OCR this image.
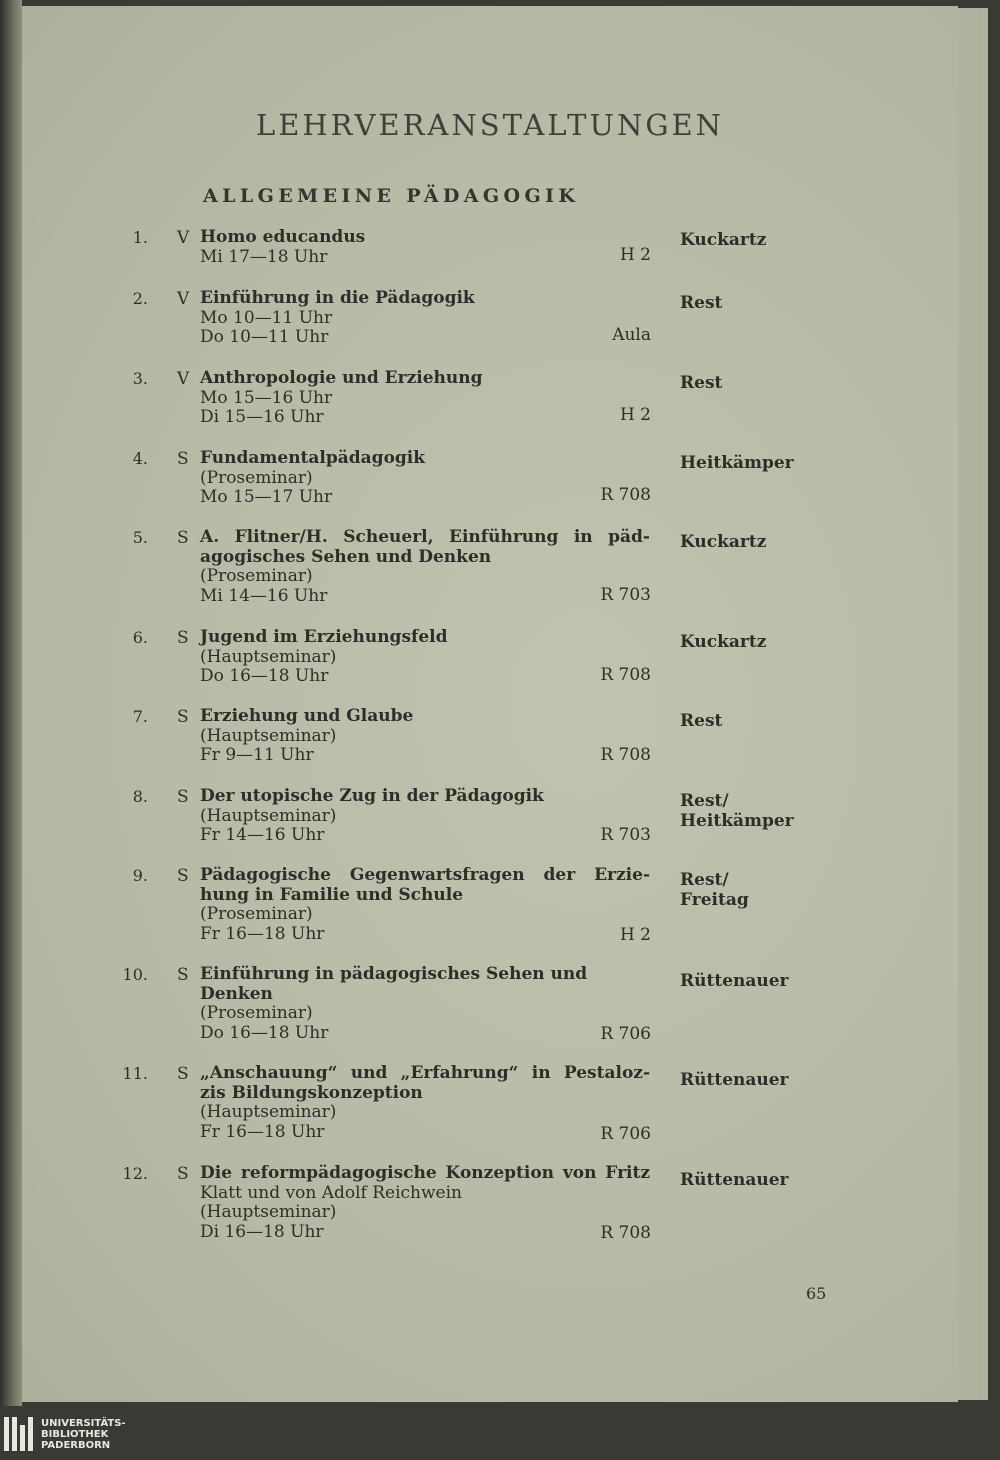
LEHRVERANSTALTUNGEN
ALLGEMEINE PÄDAGOGIK
1. V Homo educandus
Mi 17—18 Uhr	H 2
Kuckartz
2. V Einführung in die Pädagogik
Mo 10—11 Uhr
Do 10—11 Uhr	Aula
Rest
3. V Anthropologie und Erziehung
Mo 15—16 Uhr
Di 15—16 Uhr	H 2
Rest
4. S Fundamentalpädagogik
(Proseminar)
Mo 15—17 Uhr	R 708
Heitkämper
5. S A. Flitner/H. Scheuerl, Einführung in päd-
agogisches Sehen und Denken
(Proseminar)
Mi 14—16 Uhr	R 703
Kuckartz
6. S Jugend im Erziehungsfeld
(Hauptseminar)
Do 16—18 Uhr	R 708
Kuckartz
7. S Erziehung und Glaube
(Hauptseminar)
Fr 9—11 Uhr	R 708
Rest
8. S Der utopische Zug in der Pädagogik
(Hauptseminar)
Fr 14—16 Uhr	R 703
Rest/
Heitkämper
9. S Pädagogische Gegenwartsfragen der Erzie-
hung in Familie und Schule
(Proseminar)
Fr 16—18 Uhr	H 2
Rest/
Freitag
10. S Einführung in pädagogisches Sehen und
Denken
(Proseminar)
Do 16—18 Uhr	R 706
Rüttenauer
11. S „Anschauung“ und „Erfahrung“ in Pestaloz-
zis Bildungskonzeption
(Hauptseminar)
Fr 16—18 Uhr	R 706
Rüttenauer
12. S Die reformpädagogische Konzeption von Fritz
Klatt und von Adolf Reichwein
(Hauptseminar)
Di 16—18 Uhr	R 708
Rüttenauer
65
UNIVERSITÄTS-
BIBLIOTHEK
PADERBORN
